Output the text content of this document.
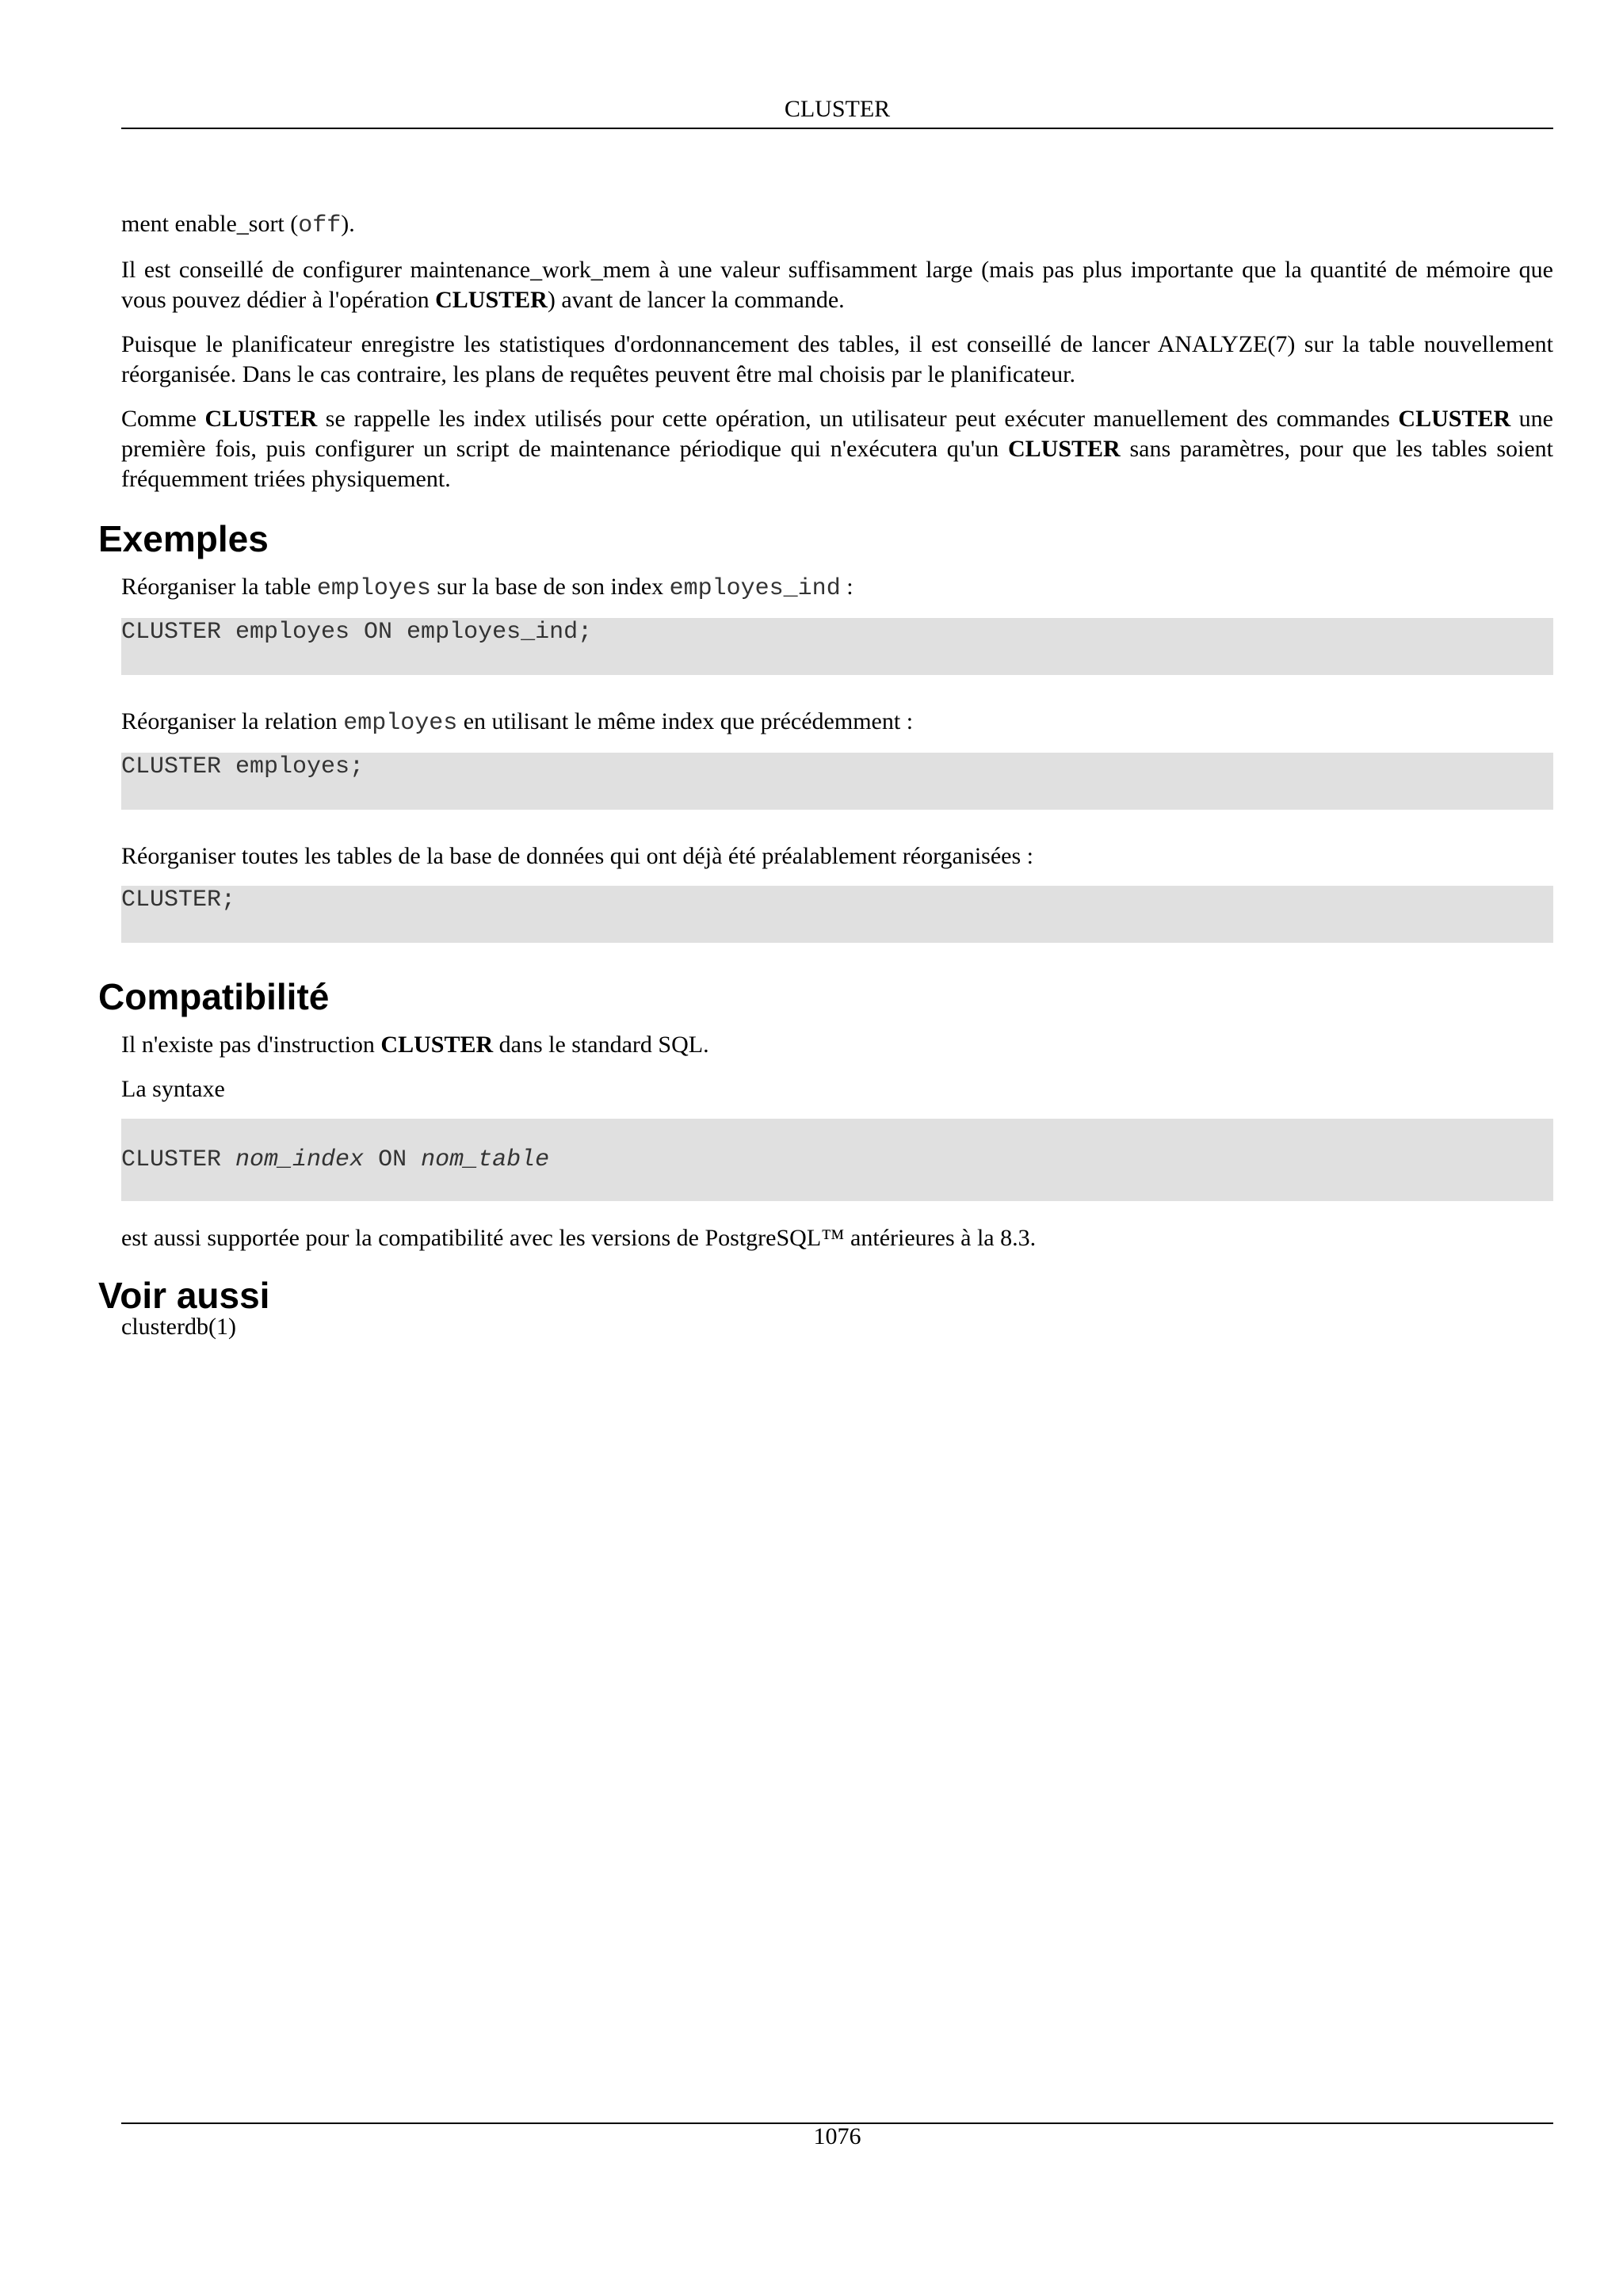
CLUSTER

ment enable_sort (off).

Il est conseillé de configurer maintenance_work_mem à une valeur suffisamment large (mais pas plus importante que la quantité de mémoire que vous pouvez dédier à l'opération CLUSTER) avant de lancer la commande.

Puisque le planificateur enregistre les statistiques d'ordonnancement des tables, il est conseillé de lancer ANALYZE(7) sur la table nouvellement réorganisée. Dans le cas contraire, les plans de requêtes peuvent être mal choisis par le planificateur.

Comme CLUSTER se rappelle les index utilisés pour cette opération, un utilisateur peut exécuter manuellement des commandes CLUSTER une première fois, puis configurer un script de maintenance périodique qui n'exécutera qu'un CLUSTER sans paramètres, pour que les tables soient fréquemment triées physiquement.

Exemples

Réorganiser la table employes sur la base de son index employes_ind :

CLUSTER employes ON employes_ind;

Réorganiser la relation employes en utilisant le même index que précédemment :

CLUSTER employes;

Réorganiser toutes les tables de la base de données qui ont déjà été préalablement réorganisées :

CLUSTER;
Compatibilité

Il n'existe pas d'instruction CLUSTER dans le standard SQL.

La syntaxe

CLUSTER nom_index ON nom_table

est aussi supportée pour la compatibilité avec les versions de PostgreSQL™ antérieures à la 8.3.

Voir aussi

clusterdb(1)

1076
